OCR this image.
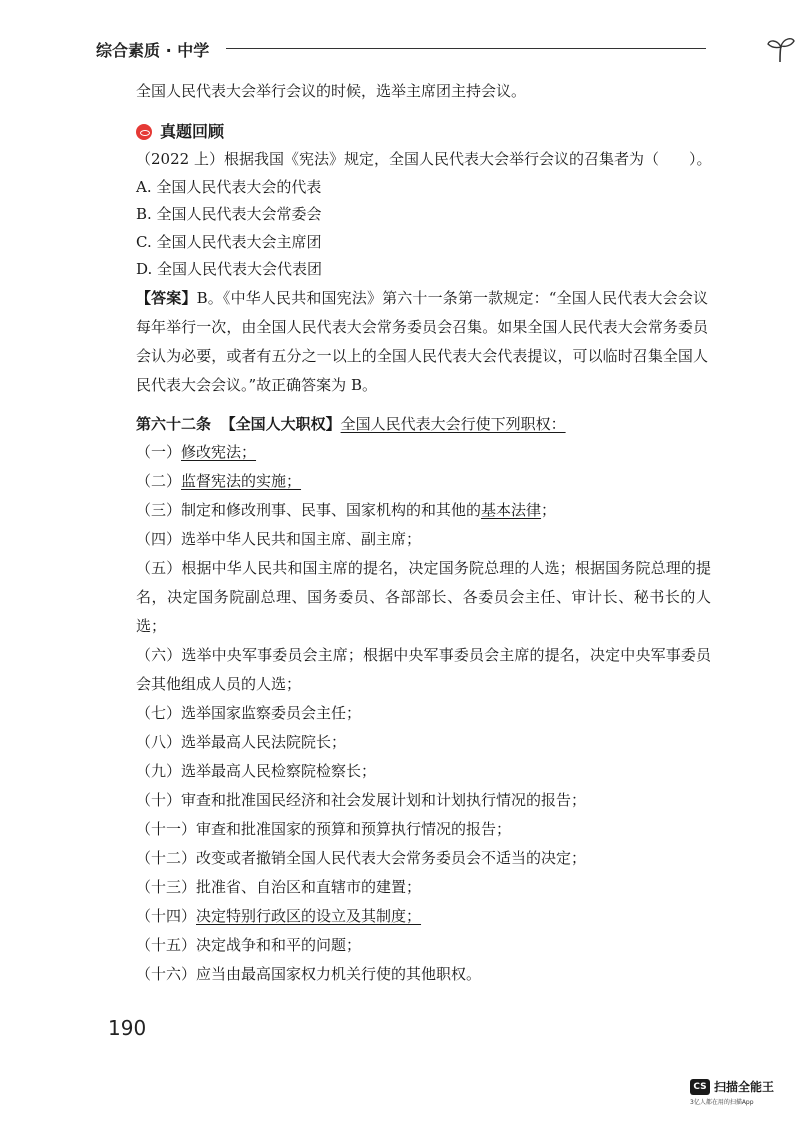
综合素质 · 中学
全国人民代表大会举行会议的时候，选举主席团主持会议。
真题回顾
（2022 上）根据我国《宪法》规定，全国人民代表大会举行会议的召集者为（　　）。
A. 全国人民代表大会的代表
B. 全国人民代表大会常委会
C. 全国人民代表大会主席团
D. 全国人民代表大会代表团
【答案】B。《中华人民共和国宪法》第六十一条第一款规定：“全国人民代表大会会议每年举行一次，由全国人民代表大会常务委员会召集。如果全国人民代表大会常务委员会认为必要，或者有五分之一以上的全国人民代表大会代表提议，可以临时召集全国人民代表大会会议。”故正确答案为 B。
第六十二条 【全国人大职权】全国人民代表大会行使下列职权：
（一）修改宪法；
（二）监督宪法的实施；
（三）制定和修改刑事、民事、国家机构的和其他的基本法律；
（四）选举中华人民共和国主席、副主席；
（五）根据中华人民共和国主席的提名，决定国务院总理的人选；根据国务院总理的提名，决定国务院副总理、国务委员、各部部长、各委员会主任、审计长、秘书长的人选；
（六）选举中央军事委员会主席；根据中央军事委员会主席的提名，决定中央军事委员会其他组成人员的人选；
（七）选举国家监察委员会主任；
（八）选举最高人民法院院长；
（九）选举最高人民检察院检察长；
（十）审查和批准国民经济和社会发展计划和计划执行情况的报告；
（十一）审查和批准国家的预算和预算执行情况的报告；
（十二）改变或者撤销全国人民代表大会常务委员会不适当的决定；
（十三）批准省、自治区和直辖市的建置；
（十四）决定特别行政区的设立及其制度；
（十五）决定战争和和平的问题；
（十六）应当由最高国家权力机关行使的其他职权。
190
CS 扫描全能王
3亿人都在用的扫描App
